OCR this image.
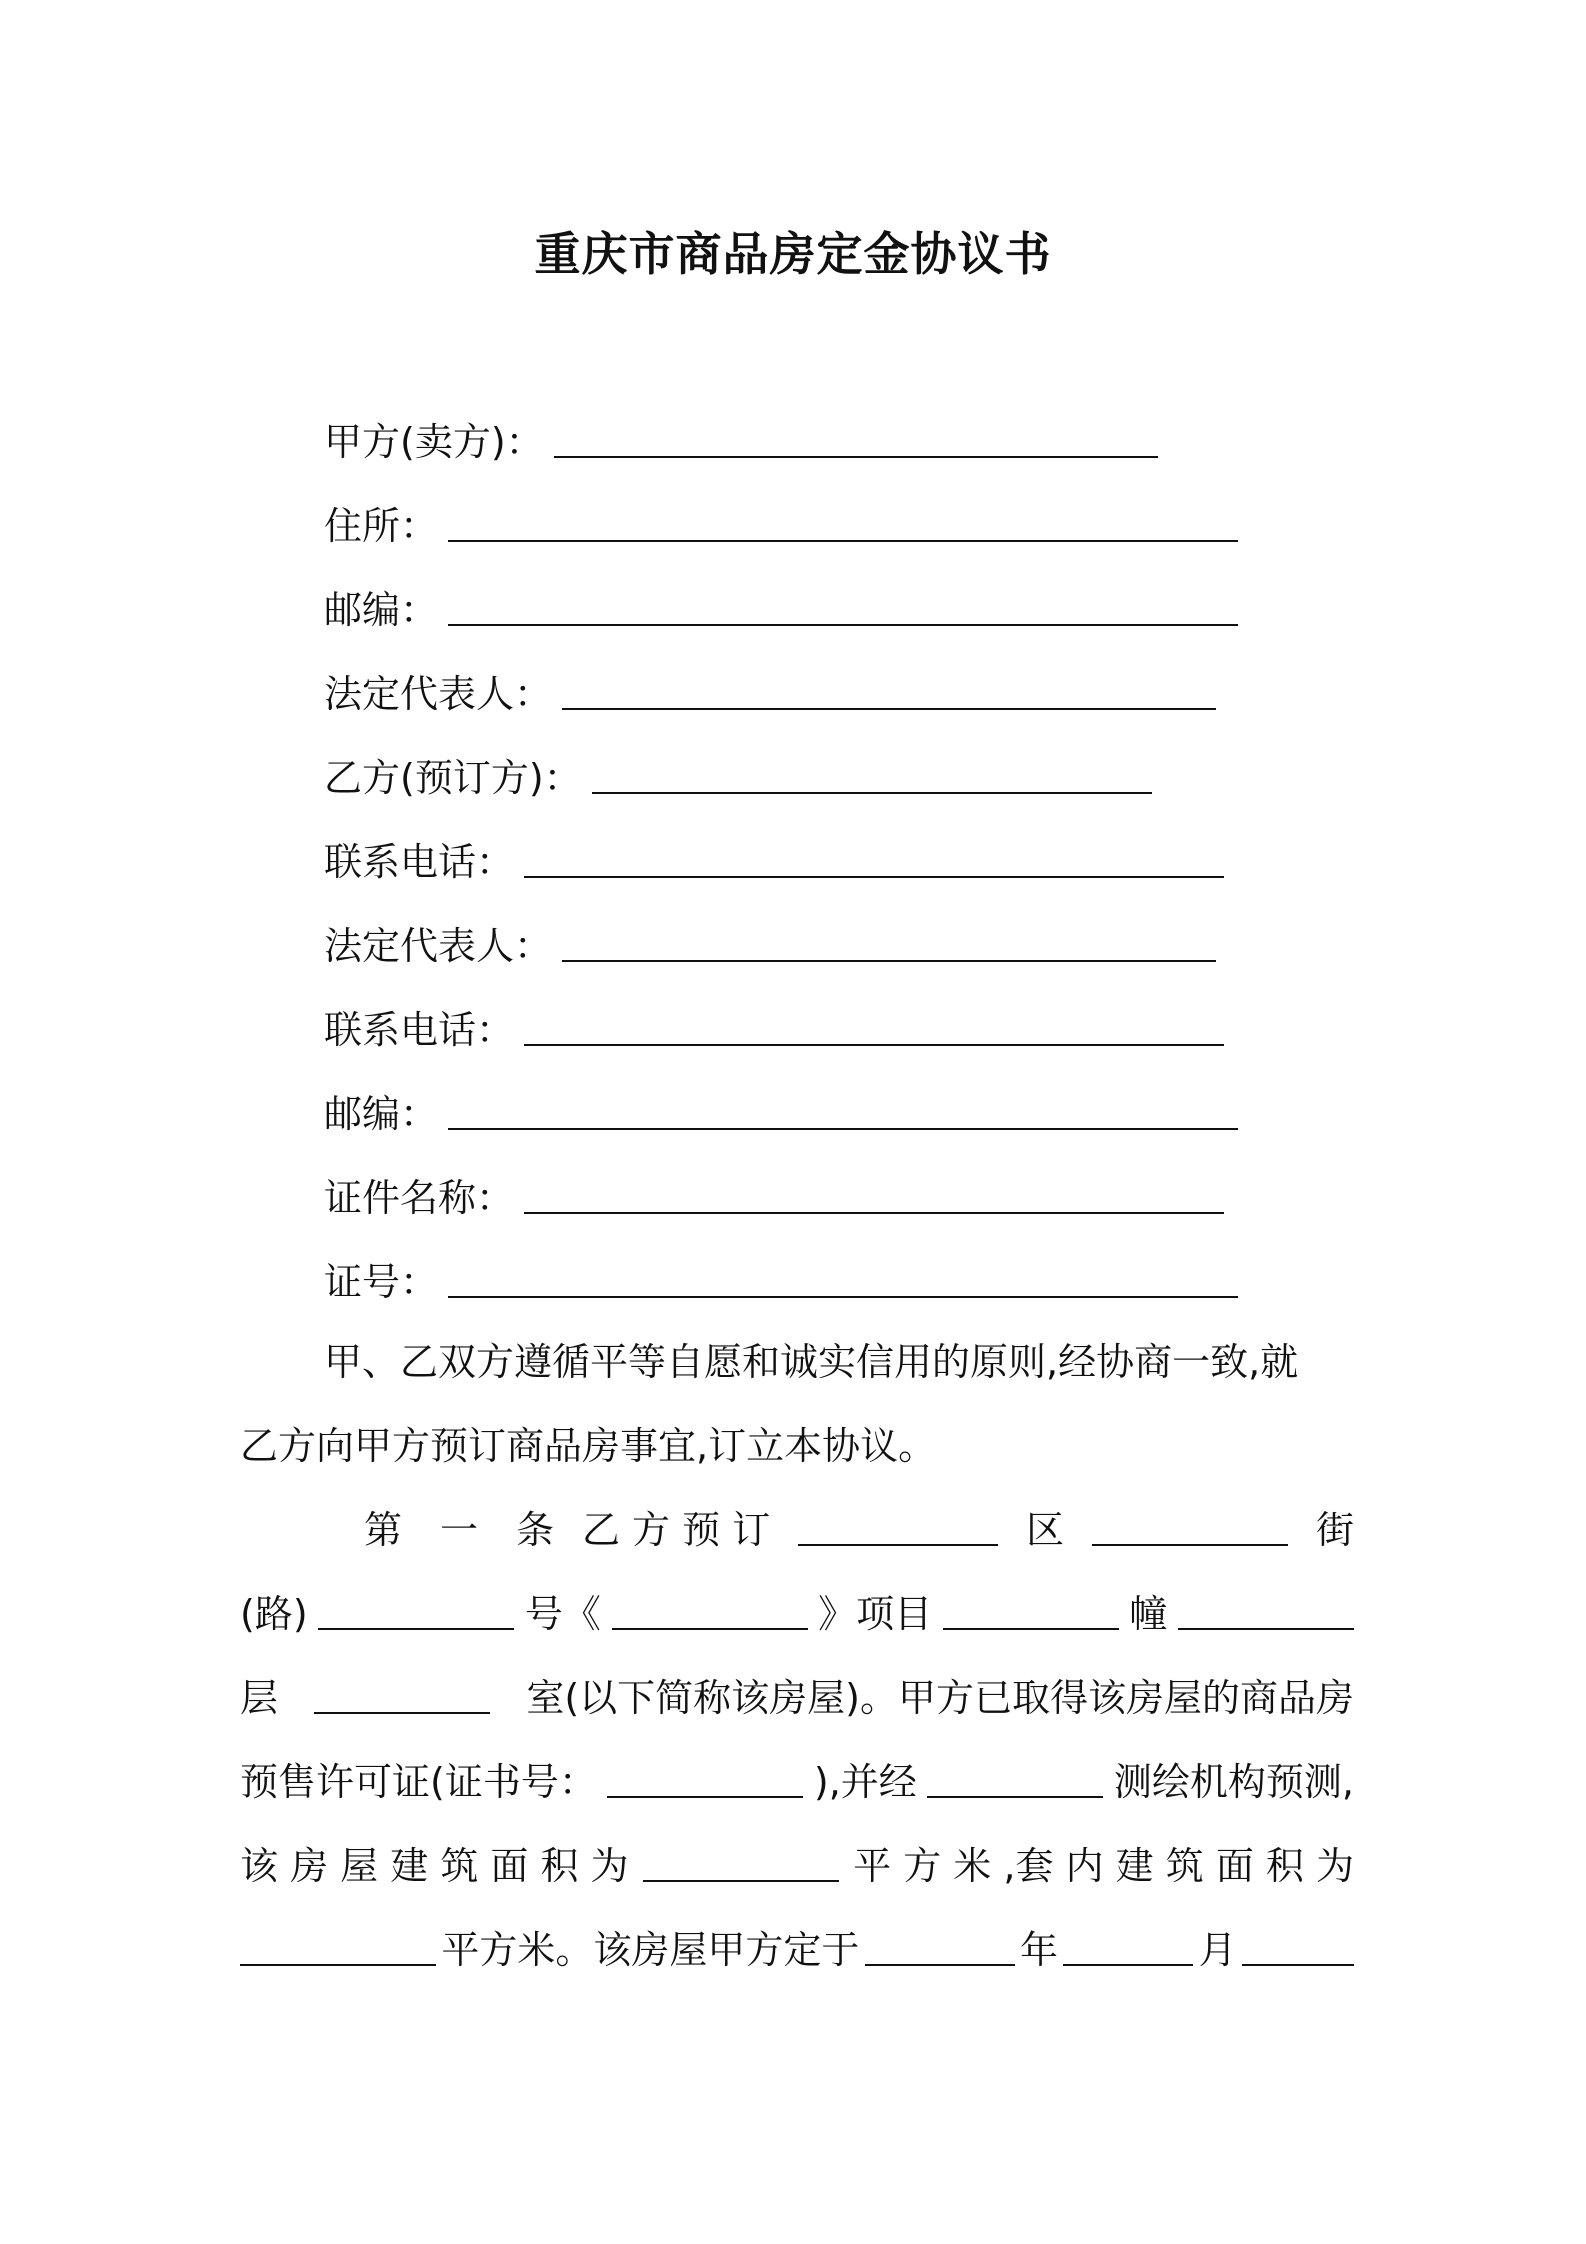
重庆市商品房定金协议书
甲方(卖方)：
住所：
邮编：
法定代表人：
乙方(预订方)：
联系电话：
法定代表人：
联系电话：
邮编：
证件名称：
证号：
甲、乙双方遵循平等自愿和诚实信用的原则,经协商一致,就
乙方向甲方预订商品房事宜,订立本协议。
第　一　条 乙 方 预 订	区	街
(路)	号《	》项目	幢
层	室(以下简称该房屋)。甲方已取得该房屋的商品房
预售许可证(证书号：	),并经	测绘机构预测,
该 房 屋 建 筑 面 积 为	平 方 米 ,套 内 建 筑 面 积 为
平方米。该房屋甲方定于	年	月
